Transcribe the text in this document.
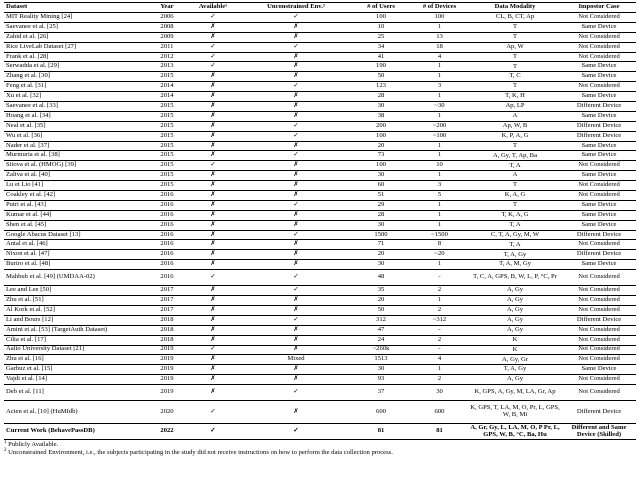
Dataset	Year	Available¹	Unconstrained Env.²	# of Users	# of Devices	Data Modality	Impostor Case
MIT Reality Mining [24]	2006	✓	✓	100	100	CL, B, CT, Ap	Not Considered
Saevanee et al. [25]	2008	✗	✗	10	1	T	Same Device
Zahid et al. [26]	2009	✗	✗	25	13	T	Not Considered
Rice LiveLab Dataset [27]	2011	✓	✓	34	18	Ap, W	Not Considered
Frank et al. [28]	2012	✓	✗	41	4	T	Not Considered
Serwadda et al. [29]	2013	✓	✗	190	1	T	Same Device
Zhang et al. [30]	2015	✗	✗	50	1	T, C	Same Device
Feng et al. [31]	2014	✗	✓	123	3	T	Not Considered
Xu et al. [32]	2014	✗	✗	28	1	T, K, H	Same Device
Saevanee et al. [33]	2015	✗	✗	30	~30	Ap, LP	Different Device
Hoang et al. [34]	2015	✗	✗	38	1	A	Same Device
Neal et al. [35]	2015	✗	✓	200	~200	Ap, W, B	Different Device
Wu et al. [36]	2015	✗	✓	100	~100	K, P, A, G	Different Device
Nader et al. [37]	2015	✗	✗	20	1	T	Same Device
Murmuria et al. [38]	2015	✗	✓	73	1	A, Gy, T, Ap, Ba	Same Device
Sitova et al. (HMOG) [39]	2015	✓	✗	100	10	T, A	Not Considered
Zaliva et al. [40]	2015	✗	✗	30	1	A	Same Device
Lu et Lio [41]	2015	✗	✗	60	3	T	Not Considered
Coakley et al. [42]	2016	✗	✗	51	5	K, A, G	Not Considered
Putri et al. [43]	2016	✗	✓	29	1	T	Same Device
Kumar et al. [44]	2016	✗	✗	28	1	T, K, A, G	Same Device
Shen et al. [45]	2016	✗	✗	30	1	T, A	Same Device
Google Abacus Dataset [13]	2016	✗	✓	1500	~1500	C, T, A, Gy, M, W	Different Device
Antal et al. [46]	2016	✗	✗	71	8	T, A	Not Considered
Nixon et al. [47]	2016	✗	✗	20	~20	T, A, Gy	Different Device
Buriro et al. [48]	2016	✗	✗	30	1	T, A, M, Gy	Same Device
Mahbub et al. [49] (UMDAA-02)	2016	✓	✓	48	-	T, C, A, GPS, B, W, L, P, °C, Pr	Not Considered
Lee and Lee [50]	2017	✗	✓	35	2	A, Gy	Not Considered
Zhu et al. [51]	2017	✗	✗	20	1	A, Gy	Not Considered
Al Kork et al. [52]	2017	✗	✗	50	2	A, Gy	Not Considered
Li and Bours [12]	2018	✗	✓	312	~312	A, Gy	Different Device
Amini et al. [53] (TargetAuth Dataset)	2018	✗	✗	47	-	A, Gy	Not Considered
Cilia et al. [17]	2018	✗	✗	24	2	K	Not Considered
Aalto University Dataset [21]	2019	✓	✗	~260k	-	K	Not Considered
Zhu et al. [16]	2019	✗	Mixed	1513	4	A, Gy, Gr	Not Considered
Garbuz et al. [15]	2019	✗	✗	30	1	T, A, Gy	Same Device
Vajdi et al. [14]	2019	✗	✗	93	2	A, Gy	Not Considered
Deb et al. [11]	2019	✗	✓	37	30	K, GPS, A, Gy, M, LA, Gr, Ap	Not Considered
Acien et al. [10] (HuMIdb)	2020	✓	✗	600	600	K, GPS, T, LA, M, O, Pr, L, GPS, W, B, Mi	Different Device
Current Work (BehavePassDB)	2022	✓	✓	81	81	A, Gr, Gy, L, LA, M, O, P Pr, L, GPS, W, B, °C, Ba, Hu	Different and Same Device (Skilled)
$^1$ Publicly Available.
$^2$ Unconstrained Environment, i.e., the subjects participating in the study did not receive instructions on how to perform the data collection process.
